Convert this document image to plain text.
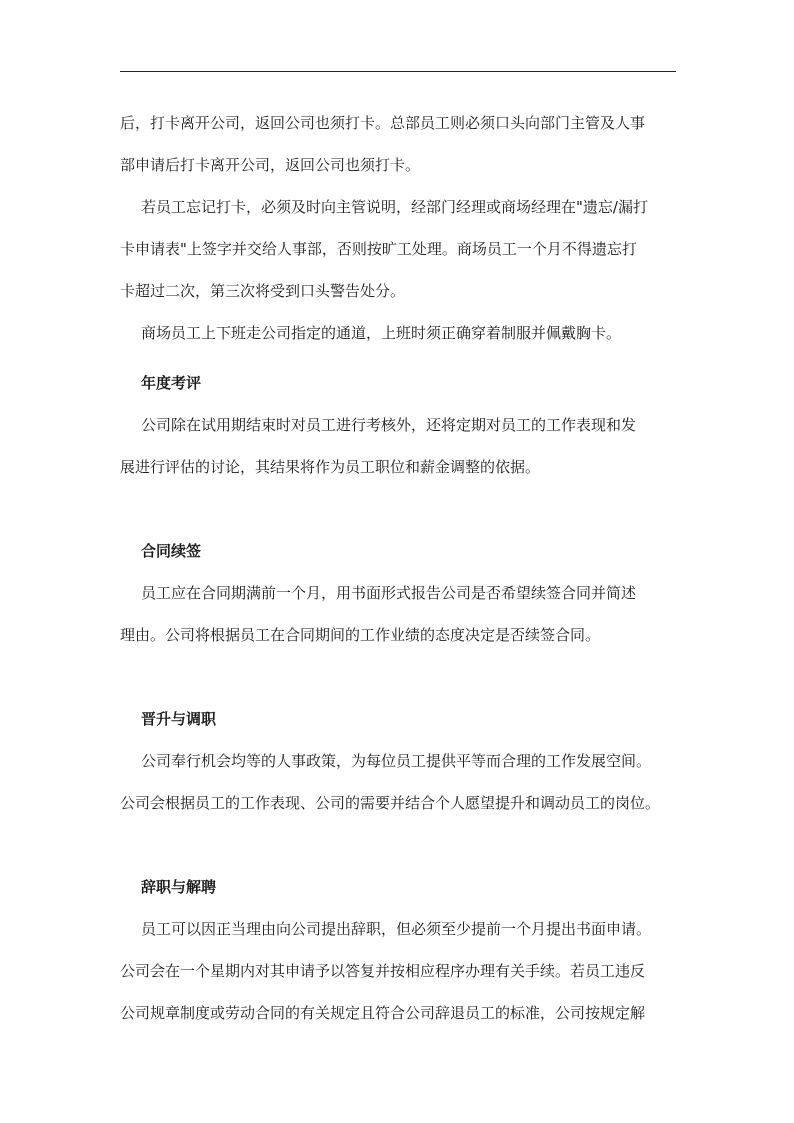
后，打卡离开公司，返回公司也须打卡。总部员工则必须口头向部门主管及人事
部申请后打卡离开公司，返回公司也须打卡。
若员工忘记打卡，必须及时向主管说明，经部门经理或商场经理在"遗忘/漏打
卡申请表"上签字并交给人事部，否则按旷工处理。商场员工一个月不得遗忘打
卡超过二次，第三次将受到口头警告处分。
商场员工上下班走公司指定的通道，上班时须正确穿着制服并佩戴胸卡。
年度考评
公司除在试用期结束时对员工进行考核外，还将定期对员工的工作表现和发
展进行评估的讨论，其结果将作为员工职位和薪金调整的依据。
合同续签
员工应在合同期满前一个月，用书面形式报告公司是否希望续签合同并简述
理由。公司将根据员工在合同期间的工作业绩的态度决定是否续签合同。
晋升与调职
公司奉行机会均等的人事政策，为每位员工提供平等而合理的工作发展空间。
公司会根据员工的工作表现、公司的需要并结合个人愿望提升和调动员工的岗位。
辞职与解聘
员工可以因正当理由向公司提出辞职，但必须至少提前一个月提出书面申请。
公司会在一个星期内对其申请予以答复并按相应程序办理有关手续。若员工违反
公司规章制度或劳动合同的有关规定且符合公司辞退员工的标准，公司按规定解
